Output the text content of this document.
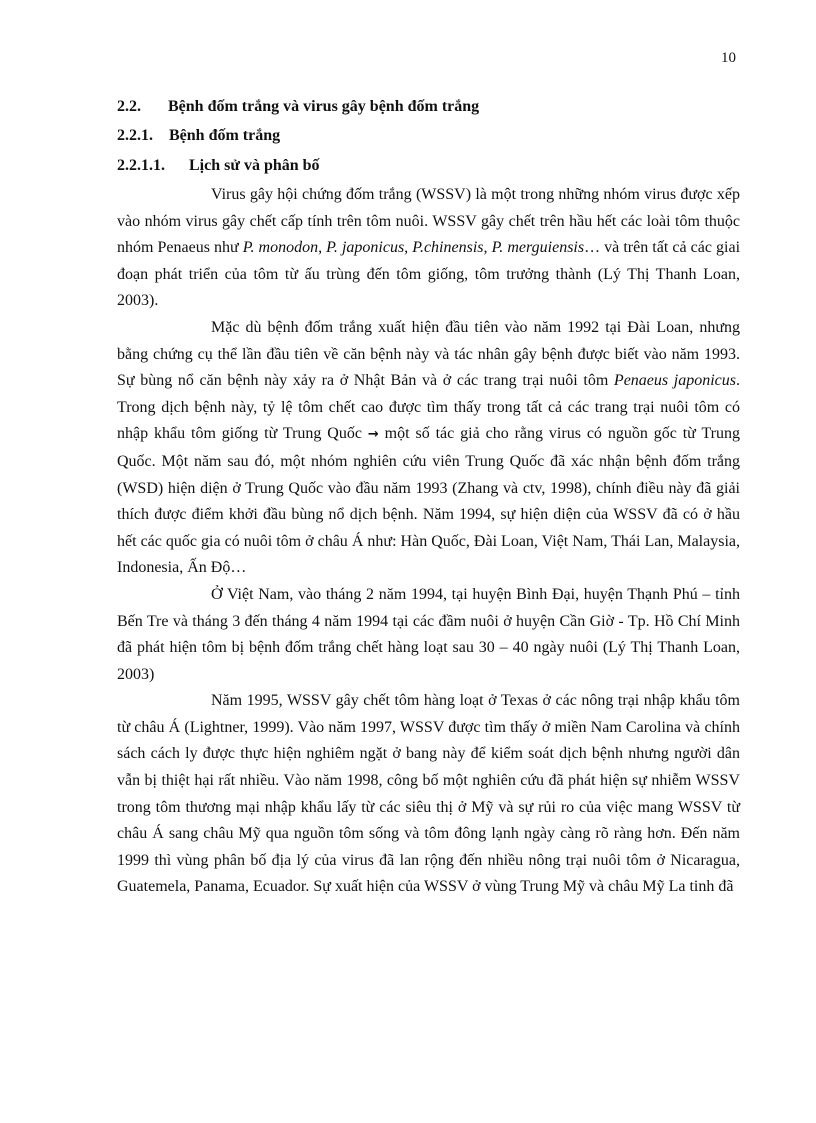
10
2.2.	Bệnh đốm trắng và virus gây bệnh đốm trắng
2.2.1. Bệnh đốm trắng
2.2.1.1.	Lịch sử và phân bố

Virus gây hội chứng đốm trắng (WSSV) là một trong những nhóm virus được xếp vào nhóm virus gây chết cấp tính trên tôm nuôi. WSSV gây chết trên hầu hết các loài tôm thuộc nhóm Penaeus như P. monodon, P. japonicus, P.chinensis, P. merguiensis… và trên tất cả các giai đoạn phát triển của tôm từ ấu trùng đến tôm giống, tôm trưởng thành (Lý Thị Thanh Loan, 2003).

Mặc dù bệnh đốm trắng xuất hiện đầu tiên vào năm 1992 tại Đài Loan, nhưng bằng chứng cụ thể lần đầu tiên về căn bệnh này và tác nhân gây bệnh được biết vào năm 1993. Sự bùng nổ căn bệnh này xảy ra ở Nhật Bản và ở các trang trại nuôi tôm Penaeus japonicus. Trong dịch bệnh này, tỷ lệ tôm chết cao được tìm thấy trong tất cả các trang trại nuôi tôm có nhập khẩu tôm giống từ Trung Quốc → một số tác giả cho rằng virus có nguồn gốc từ Trung Quốc. Một năm sau đó, một nhóm nghiên cứu viên Trung Quốc đã xác nhận bệnh đốm trắng (WSD) hiện diện ở Trung Quốc vào đầu năm 1993 (Zhang và ctv, 1998), chính điều này đã giải thích được điểm khởi đầu bùng nổ dịch bệnh. Năm 1994, sự hiện diện của WSSV đã có ở hầu hết các quốc gia có nuôi tôm ở châu Á như: Hàn Quốc, Đài Loan, Việt Nam, Thái Lan, Malaysia, Indonesia, Ấn Độ…

Ở Việt Nam, vào tháng 2 năm 1994, tại huyện Bình Đại, huyện Thạnh Phú – tỉnh Bến Tre và tháng 3 đến tháng 4 năm 1994 tại các đầm nuôi ở huyện Cần Giờ - Tp. Hồ Chí Minh đã phát hiện tôm bị bệnh đốm trắng chết hàng loạt sau 30 – 40 ngày nuôi (Lý Thị Thanh Loan, 2003)

Năm 1995, WSSV gây chết tôm hàng loạt ở Texas ở các nông trại nhập khẩu tôm từ châu Á (Lightner, 1999). Vào năm 1997, WSSV được tìm thấy ở miền Nam Carolina và chính sách cách ly được thực hiện nghiêm ngặt ở bang này để kiểm soát dịch bệnh nhưng người dân vẫn bị thiệt hại rất nhiều. Vào năm 1998, công bố một nghiên cứu đã phát hiện sự nhiễm WSSV trong tôm thương mại nhập khẩu lấy từ các siêu thị ở Mỹ và sự rủi ro của việc mang WSSV từ châu Á sang châu Mỹ qua nguồn tôm sống và tôm đông lạnh ngày càng rõ ràng hơn. Đến năm 1999 thì vùng phân bố địa lý của virus đã lan rộng đến nhiều nông trại nuôi tôm ở Nicaragua, Guatemela, Panama, Ecuador. Sự xuất hiện của WSSV ở vùng Trung Mỹ và châu Mỹ La tinh đã
